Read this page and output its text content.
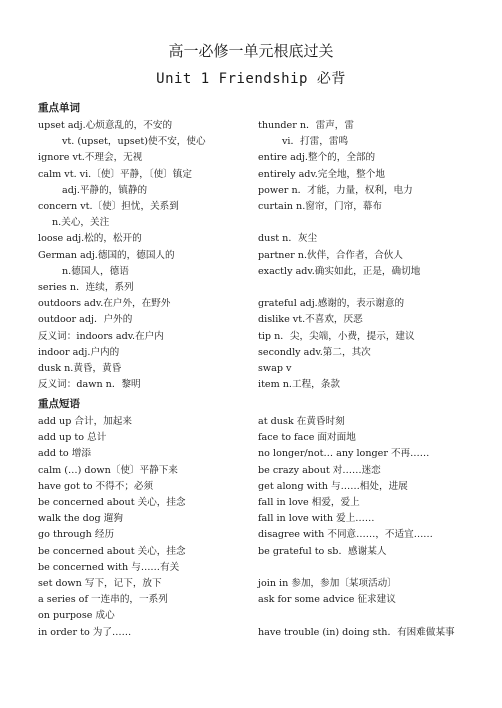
高一必修一单元根底过关
Unit 1 Friendship 必背
重点单词
upset adj.心烦意乱的，不安的
vt. (upset，upset)使不安，使心
ignore vt.不理会，无视
calm vt. vi.〔使〕平静，〔使〕镇定
adj.平静的，镇静的
concern vt.〔使〕担忧，关系到
n.关心，关注
loose adj.松的，松开的
German adj.德国的，德国人的
n.德国人，德语
series n．连续，系列
outdoors adv.在户外，在野外
outdoor adj．户外的
反义词：indoors adv.在户内
indoor adj.户内的
dusk n.黄昏，黄昏
反义词：dawn n．黎明
thunder n．雷声，雷
vi．打雷，雷鸣
entire adj.整个的，全部的
entirely adv.完全地，整个地
power n．才能，力量，权利，电力
curtain n.窗帘，门帘，幕布

dust n．灰尘
partner n.伙伴，合作者，合伙人
exactly adv.确实如此，正是，确切地

grateful adj.感谢的，表示谢意的
dislike vt.不喜欢，厌恶
tip n．尖，尖端，小费，提示，建议
secondly adv.第二，其次
swap v
item n.工程，条款
重点短语
add up 合计，加起来
add up to 总计
add to 增添
calm (…) down〔使〕平静下来
have got to 不得不；必须
be concerned about 关心，挂念
walk the dog 遛狗
go through 经历
be concerned about 关心，挂念
be concerned with 与……有关
set down 写下，记下，放下
a series of 一连串的，一系列
on purpose 成心
in order to 为了……
at dusk 在黄昏时刻
face to face 面对面地
no longer/not… any longer 不再……
be crazy about 对……迷恋
get along with 与……相处，进展
fall in love 相爱，爱上
fall in love with 爱上……
disagree with 不同意……，不适宜……
be grateful to sb．感谢某人

join in 参加，参加〔某项活动〕
ask for some advice 征求建议

have trouble (in) doing sth．有困难做某事
